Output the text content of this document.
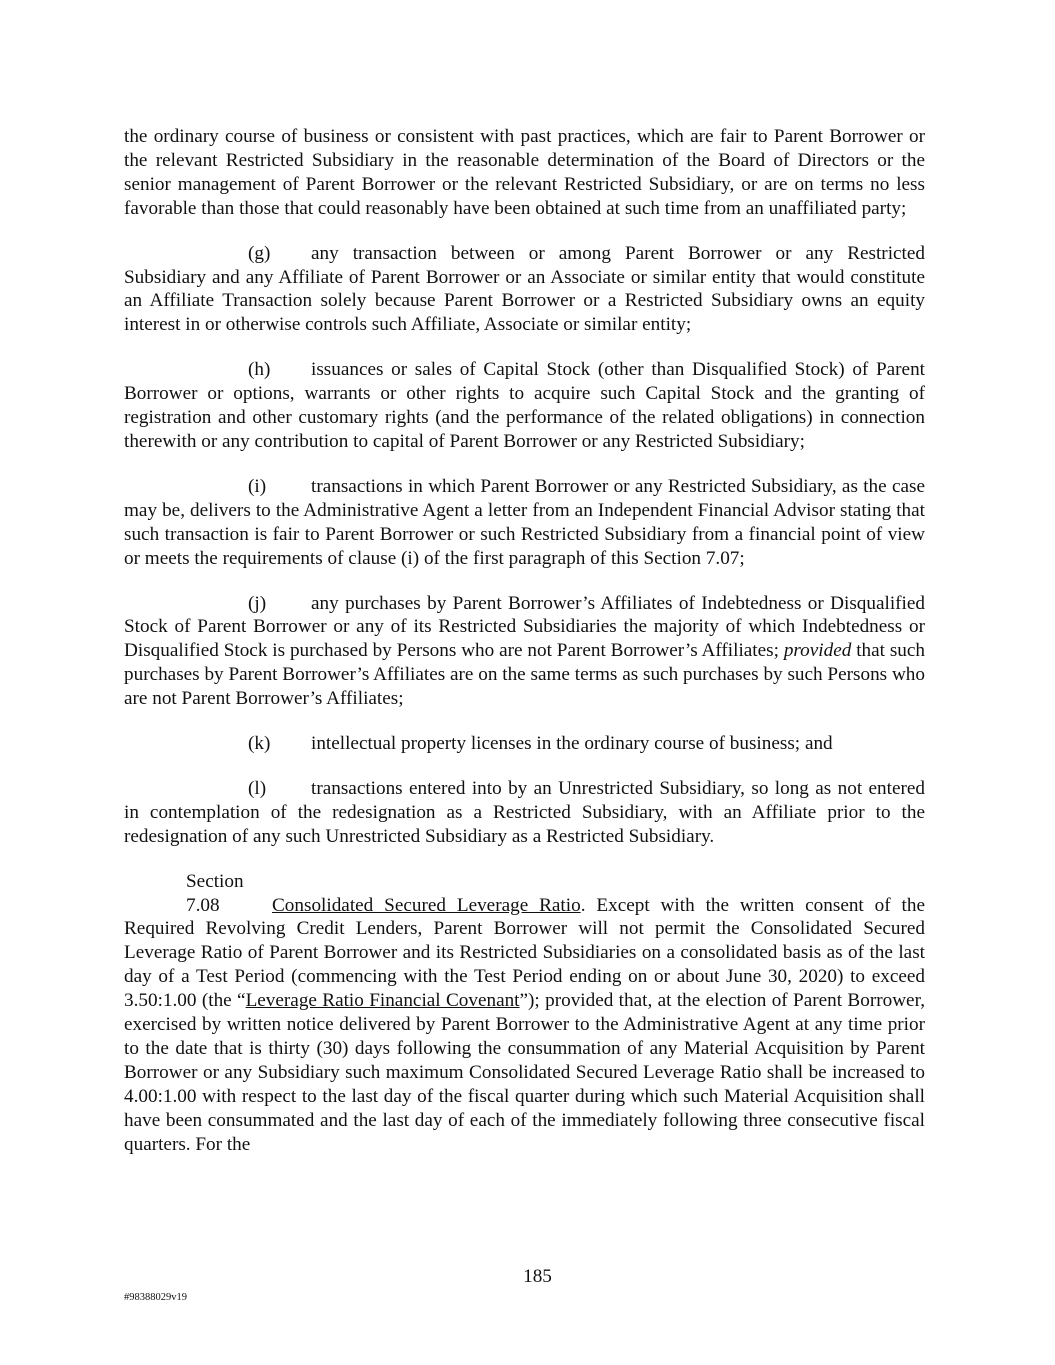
the ordinary course of business or consistent with past practices, which are fair to Parent Borrower or the relevant Restricted Subsidiary in the reasonable determination of the Board of Directors or the senior management of Parent Borrower or the relevant Restricted Subsidiary, or are on terms no less favorable than those that could reasonably have been obtained at such time from an unaffiliated party;

(g) any transaction between or among Parent Borrower or any Restricted Subsidiary and any Affiliate of Parent Borrower or an Associate or similar entity that would constitute an Affiliate Transaction solely because Parent Borrower or a Restricted Subsidiary owns an equity interest in or otherwise controls such Affiliate, Associate or similar entity;

(h) issuances or sales of Capital Stock (other than Disqualified Stock) of Parent Borrower or options, warrants or other rights to acquire such Capital Stock and the granting of registration and other customary rights (and the performance of the related obligations) in connection therewith or any contribution to capital of Parent Borrower or any Restricted Subsidiary;

(i) transactions in which Parent Borrower or any Restricted Subsidiary, as the case may be, delivers to the Administrative Agent a letter from an Independent Financial Advisor stating that such transaction is fair to Parent Borrower or such Restricted Subsidiary from a financial point of view or meets the requirements of clause (i) of the first paragraph of this Section 7.07;

(j) any purchases by Parent Borrower’s Affiliates of Indebtedness or Disqualified Stock of Parent Borrower or any of its Restricted Subsidiaries the majority of which Indebtedness or Disqualified Stock is purchased by Persons who are not Parent Borrower’s Affiliates; provided that such purchases by Parent Borrower’s Affiliates are on the same terms as such purchases by such Persons who are not Parent Borrower’s Affiliates;

(k) intellectual property licenses in the ordinary course of business; and

(l) transactions entered into by an Unrestricted Subsidiary, so long as not entered in contemplation of the redesignation as a Restricted Subsidiary, with an Affiliate prior to the redesignation of any such Unrestricted Subsidiary as a Restricted Subsidiary.

Section 7.08	Consolidated Secured Leverage Ratio. Except with the written consent of the Required Revolving Credit Lenders, Parent Borrower will not permit the Consolidated Secured Leverage Ratio of Parent Borrower and its Restricted Subsidiaries on a consolidated basis as of the last day of a Test Period (commencing with the Test Period ending on or about June 30, 2020) to exceed 3.50:1.00 (the “Leverage Ratio Financial Covenant”); provided that, at the election of Parent Borrower, exercised by written notice delivered by Parent Borrower to the Administrative Agent at any time prior to the date that is thirty (30) days following the consummation of any Material Acquisition by Parent Borrower or any Subsidiary such maximum Consolidated Secured Leverage Ratio shall be increased to 4.00:1.00 with respect to the last day of the fiscal quarter during which such Material Acquisition shall have been consummated and the last day of each of the immediately following three consecutive fiscal quarters. For the

185
#98388029v19
